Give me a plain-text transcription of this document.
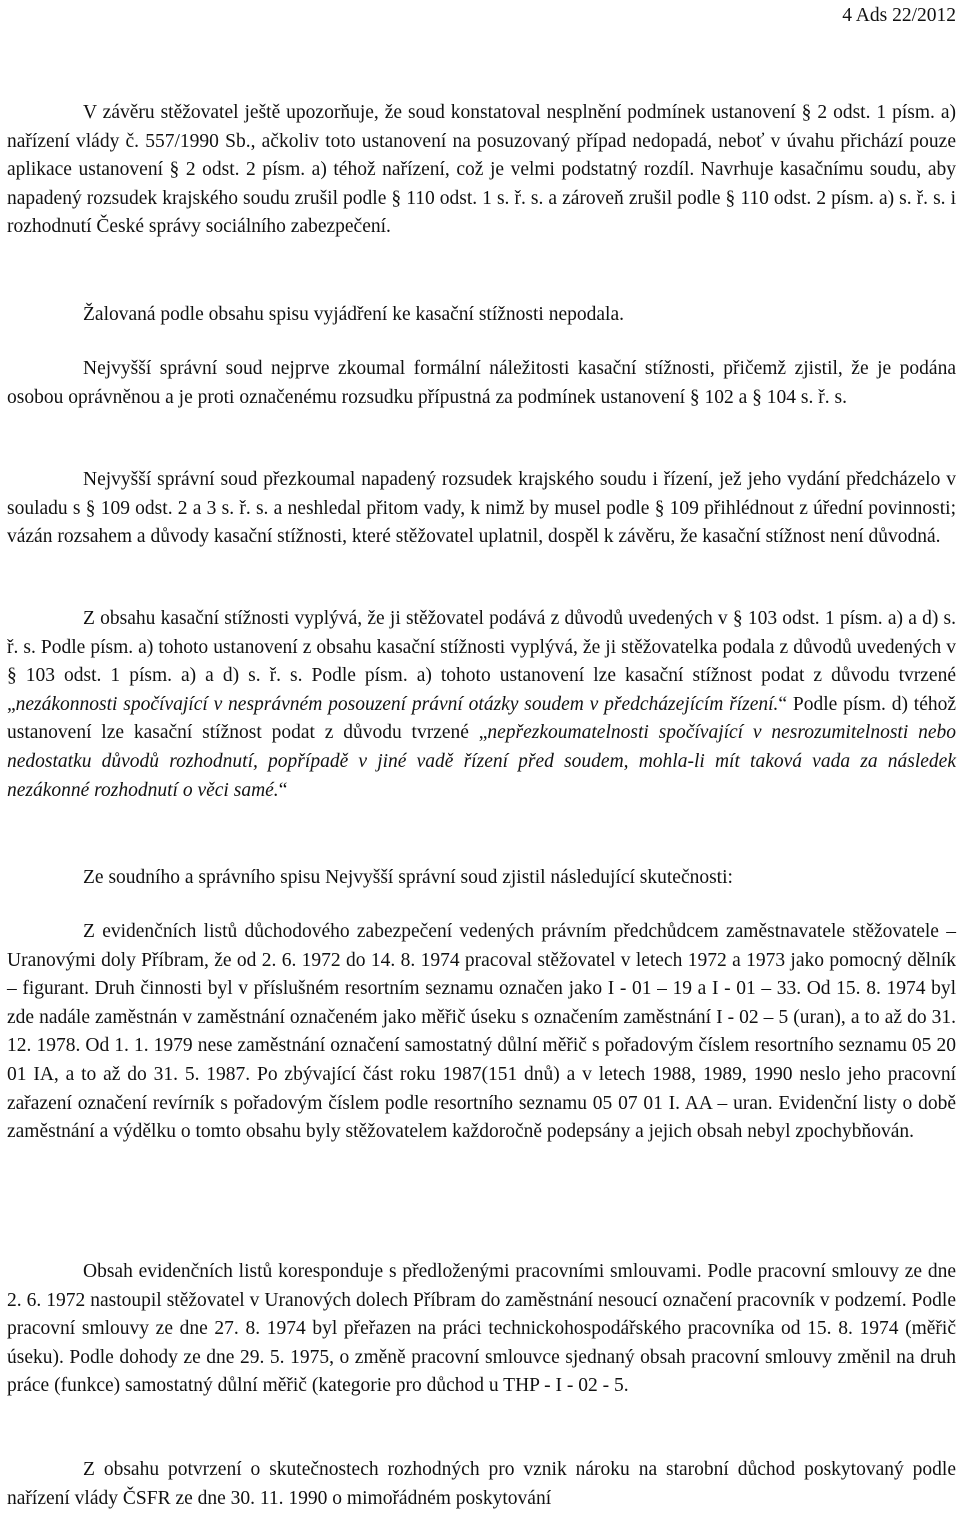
4 Ads 22/2012

V závěru stěžovatel ještě upozorňuje, že soud konstatoval nesplnění podmínek ustanovení § 2 odst. 1 písm. a) nařízení vlády č. 557/1990 Sb., ačkoliv toto ustanovení na posuzovaný případ nedopadá, neboť v úvahu přichází pouze aplikace ustanovení § 2 odst. 2 písm. a) téhož nařízení, což je velmi podstatný rozdíl. Navrhuje kasačnímu soudu, aby napadený rozsudek krajského soudu zrušil podle § 110 odst. 1 s. ř. s. a zároveň zrušil podle § 110 odst. 2 písm. a) s. ř. s. i rozhodnutí České správy sociálního zabezpečení.

Žalovaná podle obsahu spisu vyjádření ke kasační stížnosti nepodala.

Nejvyšší správní soud nejprve zkoumal formální náležitosti kasační stížnosti, přičemž zjistil, že je podána osobou oprávněnou a je proti označenému rozsudku přípustná za podmínek ustanovení § 102 a § 104 s. ř. s.

Nejvyšší správní soud přezkoumal napadený rozsudek krajského soudu i řízení, jež jeho vydání předcházelo v souladu s § 109 odst. 2 a 3 s. ř. s. a neshledal přitom vady, k nimž by musel podle § 109 přihlédnout z úřední povinnosti; vázán rozsahem a důvody kasační stížnosti, které stěžovatel uplatnil, dospěl k závěru, že kasační stížnost není důvodná.

Z obsahu kasační stížnosti vyplývá, že ji stěžovatel podává z důvodů uvedených v § 103 odst. 1 písm. a) a d) s. ř. s. Podle písm. a) tohoto ustanovení z obsahu kasační stížnosti vyplývá, že ji stěžovatelka podala z důvodů uvedených v § 103 odst. 1 písm. a) a d) s. ř. s. Podle písm. a) tohoto ustanovení lze kasační stížnost podat z důvodu tvrzené „nezákonnosti spočívající v nesprávném posouzení právní otázky soudem v předcházejícím řízení.“ Podle písm. d) téhož ustanovení lze kasační stížnost podat z důvodu tvrzené „nepřezkoumatelnosti spočívající v nesrozumitelnosti nebo nedostatku důvodů rozhodnutí, popřípadě v jiné vadě řízení před soudem, mohla-li mít taková vada za následek nezákonné rozhodnutí o věci samé.“

Ze soudního a správního spisu Nejvyšší správní soud zjistil následující skutečnosti:

Z evidenčních listů důchodového zabezpečení vedených právním předchůdcem zaměstnavatele stěžovatele – Uranovými doly Příbram, že od 2. 6. 1972 do 14. 8. 1974 pracoval stěžovatel v letech 1972 a 1973 jako pomocný dělník – figurant. Druh činnosti byl v příslušném resortním seznamu označen jako I - 01 – 19 a I - 01 – 33. Od 15. 8. 1974 byl zde nadále zaměstnán v zaměstnání označeném jako měřič úseku s označením zaměstnání I - 02 – 5 (uran), a to až do 31. 12. 1978. Od 1. 1. 1979 nese zaměstnání označení samostatný důlní měřič s pořadovým číslem resortního seznamu 05 20 01 IA, a to až do 31. 5. 1987. Po zbývající část roku 1987(151 dnů) a v letech 1988, 1989, 1990 neslo jeho pracovní zařazení označení revírník s pořadovým číslem podle resortního seznamu 05 07 01 I. AA – uran. Evidenční listy o době zaměstnání a výdělku o tomto obsahu byly stěžovatelem každoročně podepsány a jejich obsah nebyl zpochybňován.

Obsah evidenčních listů koresponduje s předloženými pracovními smlouvami. Podle pracovní smlouvy ze dne 2. 6. 1972 nastoupil stěžovatel v Uranových dolech Příbram do zaměstnání nesoucí označení pracovník v podzemí. Podle pracovní smlouvy ze dne 27. 8. 1974 byl přeřazen na práci technickohospodářského pracovníka od 15. 8. 1974 (měřič úseku). Podle dohody ze dne 29. 5. 1975, o změně pracovní smlouvce sjednaný obsah pracovní smlouvy změnil na druh práce (funkce) samostatný důlní měřič (kategorie pro důchod u THP - I - 02 - 5.

Z obsahu potvrzení o skutečnostech rozhodných pro vznik nároku na starobní důchod poskytovaný podle nařízení vlády ČSFR ze dne 30. 11. 1990 o mimořádném poskytování
